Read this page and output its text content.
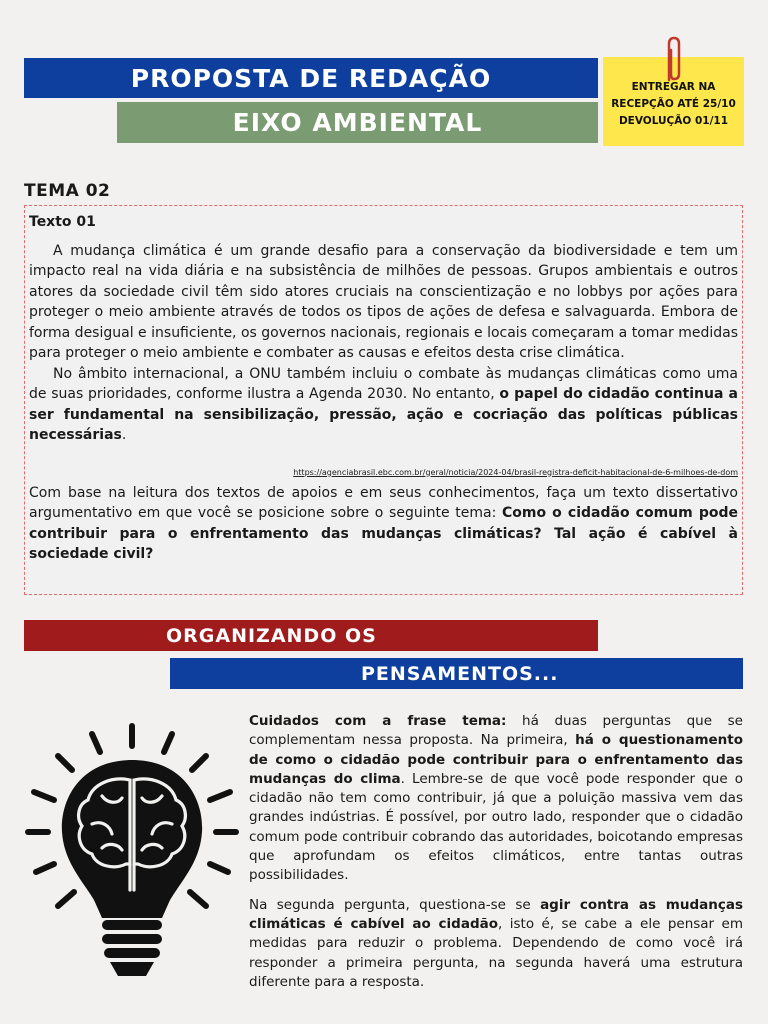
PROPOSTA DE REDAÇÃO
EIXO AMBIENTAL
ENTREGAR NA
RECEPÇÃO ATÉ 25/10
DEVOLUÇÃO 01/11
TEMA 02
Texto 01

A mudança climática é um grande desafio para a conservação da biodiversidade e tem um impacto real na vida diária e na subsistência de milhões de pessoas. Grupos ambientais e outros atores da sociedade civil têm sido atores cruciais na conscientização e no lobbys por ações para proteger o meio ambiente através de todos os tipos de ações de defesa e salvaguarda. Embora de forma desigual e insuficiente, os governos nacionais, regionais e locais começaram a tomar medidas para proteger o meio ambiente e combater as causas e efeitos desta crise climática.

No âmbito internacional, a ONU também incluiu o combate às mudanças climáticas como uma de suas prioridades, conforme ilustra a Agenda 2030. No entanto, o papel do cidadão continua a ser fundamental na sensibilização, pressão, ação e cocriação das políticas públicas necessárias.

https://agenciabrasil.ebc.com.br/geral/noticia/2024-04/brasil-registra-deficit-habitacional-de-6-milhoes-de-dom

Com base na leitura dos textos de apoios e em seus conhecimentos, faça um texto dissertativo argumentativo em que você se posicione sobre o seguinte tema: Como o cidadão comum pode contribuir para o enfrentamento das mudanças climáticas? Tal ação é cabível à sociedade civil?

ORGANIZANDO OS
PENSAMENTOS...

Cuidados com a frase tema: há duas perguntas que se complementam nessa proposta. Na primeira, há o questionamento de como o cidadão pode contribuir para o enfrentamento das mudanças do clima. Lembre-se de que você pode responder que o cidadão não tem como contribuir, já que a poluição massiva vem das grandes indústrias. É possível, por outro lado, responder que o cidadão comum pode contribuir cobrando das autoridades, boicotando empresas que aprofundam os efeitos climáticos, entre tantas outras possibilidades.

Na segunda pergunta, questiona-se se agir contra as mudanças climáticas é cabível ao cidadão, isto é, se cabe a ele pensar em medidas para reduzir o problema. Dependendo de como você irá responder a primeira pergunta, na segunda haverá uma estrutura diferente para a resposta.
